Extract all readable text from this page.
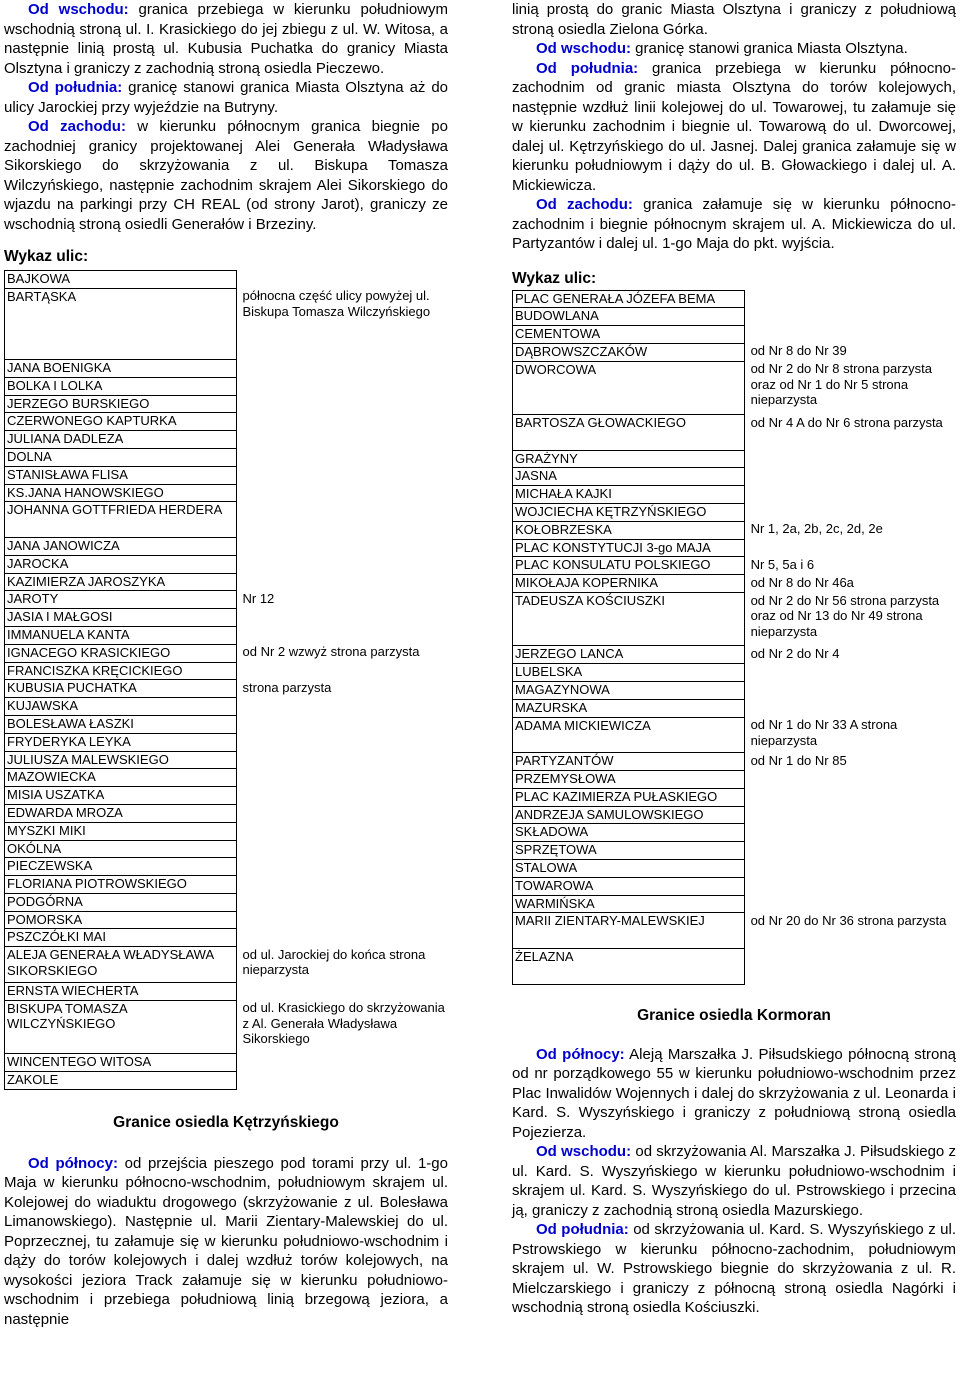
Od wschodu: granica przebiega w kierunku południowym wschodnią stroną ul. I. Krasickiego do jej zbiegu z ul. W. Witosa, a następnie linią prostą ul. Kubusia Puchatka do granicy Miasta Olsztyna i graniczy z zachodnią stroną osiedla Pieczewo.

Od południa: granicę stanowi granica Miasta Olsztyna aż do ulicy Jarockiej przy wyjeździe na Butryny.

Od zachodu: w kierunku północnym granica biegnie po zachodniej granicy projektowanej Alei Generała Władysława Sikorskiego do skrzyżowania z ul. Biskupa Tomasza Wilczyńskiego, następnie zachodnim skrajem Alei Sikorskiego do wjazdu na parkingi przy CH REAL (od strony Jarot), graniczy ze wschodnią stroną osiedli Generałów i Brzeziny.

Wykaz ulic:
BAJKOWA	
BARTĄSKA	północna część ulicy powyżej ul. Biskupa Tomasza Wilczyńskiego
JANA BOENIGKA	
BOLKA I LOLKA	
JERZEGO BURSKIEGO	
CZERWONEGO KAPTURKA	
JULIANA DADLEZA	
DOLNA	
STANISŁAWA FLISA	
KS.JANA HANOWSKIEGO	
JOHANNA GOTTFRIEDA HERDERA	
JANA JANOWICZA	
JAROCKA	
KAZIMIERZA JAROSZYKA	
JAROTY	Nr 12
JASIA I MAŁGOSI	
IMMANUELA KANTA	
IGNACEGO KRASICKIEGO	od Nr 2 wzwyż strona parzysta
FRANCISZKA KRĘCICKIEGO	
KUBUSIA PUCHATKA	strona parzysta
KUJAWSKA	
BOLESŁAWA ŁASZKI	
FRYDERYKA LEYKA	
JULIUSZA MALEWSKIEGO	
MAZOWIECKA	
MISIA USZATKA	
EDWARDA MROZA	
MYSZKI MIKI	
OKÓLNA	
PIECZEWSKA	
FLORIANA PIOTROWSKIEGO	
PODGÓRNA	
POMORSKA	
PSZCZÓŁKI MAI	
ALEJA GENERAŁA WŁADYSŁAWA SIKORSKIEGO	od ul. Jarockiej do końca strona nieparzysta
ERNSTA WIECHERTA	
BISKUPA TOMASZA WILCZYŃSKIEGO	od ul. Krasickiego do skrzyżowania z Al. Generała Władysława Sikorskiego
WINCENTEGO WITOSA	
ZAKOLE	
Granice osiedla Kętrzyńskiego

Od północy: od przejścia pieszego pod torami przy ul. 1-go Maja w kierunku północno-wschodnim, południowym skrajem ul. Kolejowej do wiaduktu drogowego (skrzyżowanie z ul. Bolesława Limanowskiego). Następnie ul. Marii Zientary-Malewskiej do ul. Poprzecznej, tu załamuje się w kierunku południowo-wschodnim i dąży do torów kolejowych i dalej wzdłuż torów kolejowych, na wysokości jeziora Track załamuje się w kierunku południowo-wschodnim i przebiega południową linią brzegową jeziora, a następnie

linią prostą do granic Miasta Olsztyna i graniczy z południową stroną osiedla Zielona Górka.

Od wschodu: granicę stanowi granica Miasta Olsztyna.

Od południa: granica przebiega w kierunku północno-zachodnim od granic miasta Olsztyna do torów kolejowych, następnie wzdłuż linii kolejowej do ul. Towarowej, tu załamuje się w kierunku zachodnim i biegnie ul. Towarową do ul. Dworcowej, dalej ul. Kętrzyńskiego do ul. Jasnej. Dalej granica załamuje się w kierunku południowym i dąży do ul. B. Głowackiego i dalej ul. A. Mickiewicza.

Od zachodu: granica załamuje się w kierunku północno-zachodnim i biegnie północnym skrajem ul. A. Mickiewicza do ul. Partyzantów i dalej ul. 1-go Maja do pkt. wyjścia.

Wykaz ulic:
PLAC GENERAŁA JÓZEFA BEMA	
BUDOWLANA	
CEMENTOWA	
DĄBROWSZCZAKÓW	od Nr 8 do Nr 39
DWORCOWA	od Nr 2 do Nr 8 strona parzysta oraz od Nr 1 do Nr 5 strona nieparzysta
BARTOSZA GŁOWACKIEGO	od Nr 4 A do Nr 6 strona parzysta
GRAŻYNY	
JASNA	
MICHAŁA KAJKI	
WOJCIECHA KĘTRZYŃSKIEGO	
KOŁOBRZESKA	Nr 1, 2a, 2b, 2c, 2d, 2e
PLAC KONSTYTUCJI 3-go MAJA	
PLAC KONSULATU POLSKIEGO	Nr 5, 5a i 6
MIKOŁAJA KOPERNIKA	od Nr 8 do Nr 46a
TADEUSZA KOŚCIUSZKI	od Nr 2 do Nr 56 strona parzysta oraz od Nr 13 do Nr 49 strona nieparzysta
JERZEGO LANCA	od Nr 2 do Nr 4
LUBELSKA	
MAGAZYNOWA	
MAZURSKA	
ADAMA MICKIEWICZA	od Nr 1 do Nr 33 A strona nieparzysta
PARTYZANTÓW	od Nr 1 do Nr 85
PRZEMYSŁOWA	
PLAC KAZIMIERZA PUŁASKIEGO	
ANDRZEJA SAMULOWSKIEGO	
SKŁADOWA	
SPRZĘTOWA	
STALOWA	
TOWAROWA	
WARMIŃSKA	
MARII ZIENTARY-MALEWSKIEJ	od Nr 20 do Nr 36 strona parzysta
ŻELAZNA	
Granice osiedla Kormoran

Od północy: Aleją Marszałka J. Piłsudskiego północną stroną od nr porządkowego 55 w kierunku południowo-wschodnim przez Plac Inwalidów Wojennych i dalej do skrzyżowania z ul. Leonarda i Kard. S. Wyszyńskiego i graniczy z południową stroną osiedla Pojezierza.

Od wschodu: od skrzyżowania Al. Marszałka J. Piłsudskiego z ul. Kard. S. Wyszyńskiego w kierunku południowo-wschodnim i skrajem ul. Kard. S. Wyszyńskiego do ul. Pstrowskiego i przecina ją, graniczy z zachodnią stroną osiedla Mazurskiego.

Od południa: od skrzyżowania ul. Kard. S. Wyszyńskiego z ul. Pstrowskiego w kierunku północno-zachodnim, południowym skrajem ul. W. Pstrowskiego biegnie do skrzyżowania z ul. R. Mielczarskiego i graniczy z północną stroną osiedla Nagórki i wschodnią stroną osiedla Kościuszki.
